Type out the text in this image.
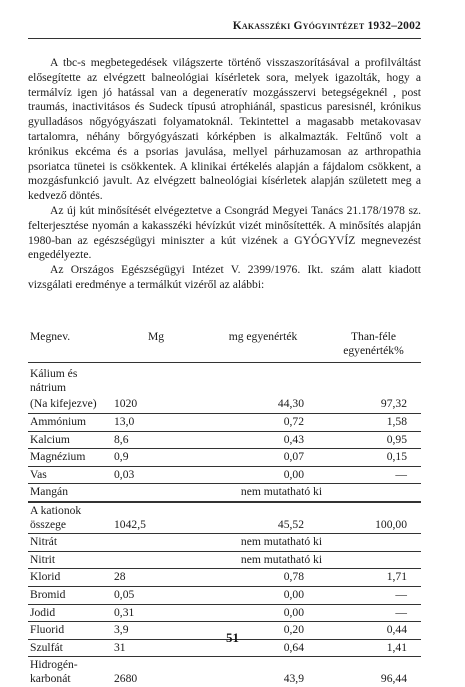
Kakasszéki Gyógyintézet 1932–2002

A tbc-s megbetegedések világszerte történő visszaszorításával a profilváltást elősegítette az elvégzett balneológiai kísérletek sora, melyek igazolták, hogy a termálvíz igen jó hatással van a degeneratív mozgásszervi betegségeknél , post traumás, inactivitásos és Sudeck típusú atrophiánál, spasticus paresisnél, krónikus gyulladásos nőgyógyászati folyamatoknál. Tekintettel a magasabb metakovasav tartalomra, néhány bőrgyógyászati kórképben is alkalmazták. Feltűnő volt a krónikus ekcéma és a psorias javulása, mellyel párhuzamosan az arthropathia psoriatca tünetei is csökkentek. A klinikai értékelés alapján a fájdalom csökkent, a mozgásfunkció javult. Az elvégzett balneológiai kísérletek alapján született meg a kedvező döntés.

Az új kút minősítését elvégeztetve a Csongrád Megyei Tanács 21.178/1978 sz. felterjesztése nyomán a kakasszéki hévízkút vizét minősítették. A minősítés alapján 1980-ban az egészségügyi miniszter a kút vizének a GYÓGYVÍZ megnevezést engedélyezte.

Az Országos Egészségügyi Intézet V. 2399/1976. Ikt. szám alatt kiadott vizsgálati eredménye a termálkút vizéről az alábbi:

Megnev.	Mg	mg egyenérték	Than-féle egyenérték%
Kálium és nátrium			
(Na kifejezve)	1020	44,30	97,32
Ammónium	13,0	0,72	1,58
Kalcium	8,6	0,43	0,95
Magnézium	0,9	0,07	0,15
Vas	0,03	0,00	—
Mangán	nem mutatható ki		
A kationok összege	1042,5	45,52	100,00
Nitrát	nem mutatható ki		
Nitrit	nem mutatható ki		
Klorid	28	0,78	1,71
Bromid	0,05	0,00	—
Jodid	0,31	0,00	—
Fluorid	3,9	0,20	0,44
Szulfát	31	0,64	1,41
Hidrogén-karbonát	2680	43,9	96,44
51
